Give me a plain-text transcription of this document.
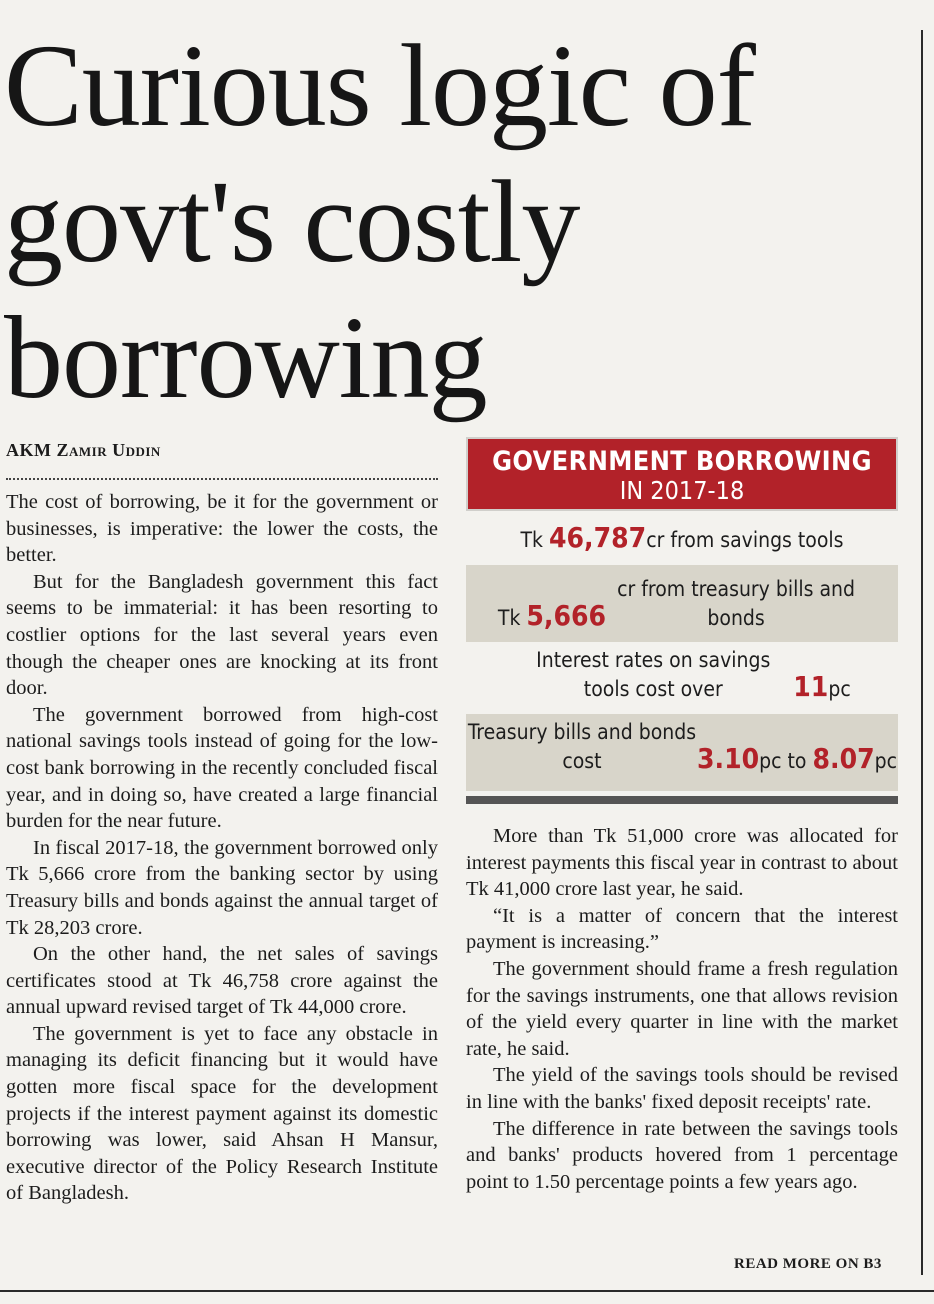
Curious logic of govt's costly borrowing
AKM Zamir Uddin

The cost of borrowing, be it for the government or businesses, is imperative: the lower the costs, the better.

But for the Bangladesh government this fact seems to be immaterial: it has been resorting to costlier options for the last several years even though the cheaper ones are knocking at its front door.

The government borrowed from high-cost national savings tools instead of going for the low-cost bank borrowing in the recently concluded fiscal year, and in doing so, have created a large financial burden for the near future.

In fiscal 2017-18, the government borrowed only Tk 5,666 crore from the banking sector by using Treasury bills and bonds against the annual target of Tk 28,203 crore.

On the other hand, the net sales of savings certificates stood at Tk 46,758 crore against the annual upward revised target of Tk 44,000 crore.

The government is yet to face any obstacle in managing its deficit financing but it would have gotten more fiscal space for the development projects if the interest payment against its domestic borrowing was lower, said Ahsan H Mansur, executive director of the Policy Research Institute of Bangladesh.

GOVERNMENT BORROWING
IN 2017-18
Tk 46,787cr from savings tools
Tk 5,666cr from treasury bills and bonds
Interest rates on savings tools cost over	11pc
Treasury bills and bonds cost	3.10pc to 8.07pc

More than Tk 51,000 crore was allocated for interest payments this fiscal year in contrast to about Tk 41,000 crore last year, he said.

“It is a matter of concern that the interest payment is increasing.”

The government should frame a fresh regulation for the savings instruments, one that allows revision of the yield every quarter in line with the market rate, he said.

The yield of the savings tools should be revised in line with the banks' fixed deposit receipts' rate.

The difference in rate between the savings tools and banks' products hovered from 1 percentage point to 1.50 percentage points a few years ago.

READ MORE ON B3
